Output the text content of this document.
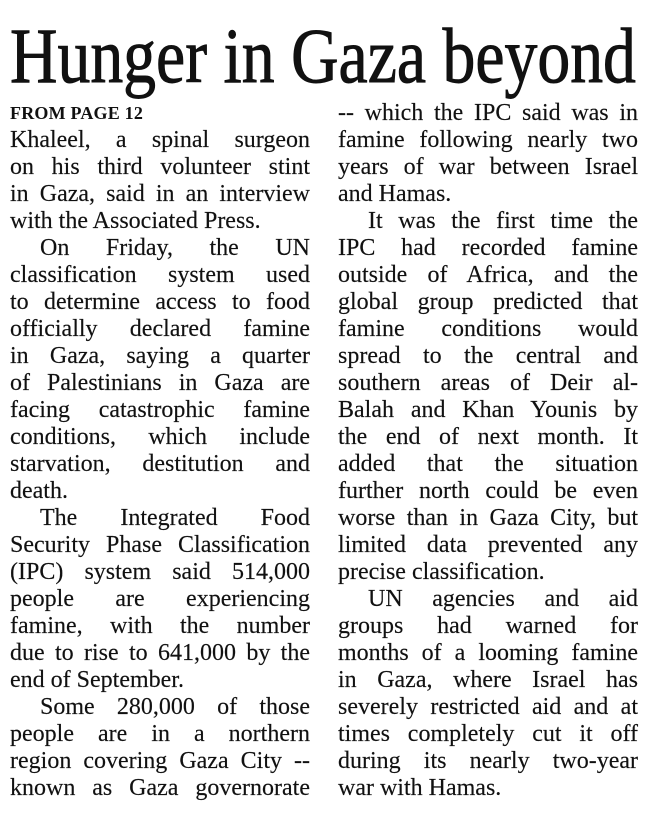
Hunger in Gaza beyond
FROM PAGE 12

Khaleel, a spinal surgeon
on his third volunteer stint
in Gaza, said in an interview
with the Associated Press.

On Friday, the UN
classification system used
to determine access to food
officially declared famine
in Gaza, saying a quarter
of Palestinians in Gaza are
facing catastrophic famine
conditions, which include
starvation, destitution and
death.

The Integrated Food
Security Phase Classification
(IPC) system said 514,000
people are experiencing
famine, with the number
due to rise to 641,000 by the
end of September.

Some 280,000 of those
people are in a northern
region covering Gaza City --
known as Gaza governorate

-- which the IPC said was in
famine following nearly two
years of war between Israel
and Hamas.

It was the first time the
IPC had recorded famine
outside of Africa, and the
global group predicted that
famine conditions would
spread to the central and
southern areas of Deir al-
Balah and Khan Younis by
the end of next month. It
added that the situation
further north could be even
worse than in Gaza City, but
limited data prevented any
precise classification.

UN agencies and aid
groups had warned for
months of a looming famine
in Gaza, where Israel has
severely restricted aid and at
times completely cut it off
during its nearly two-year
war with Hamas.
